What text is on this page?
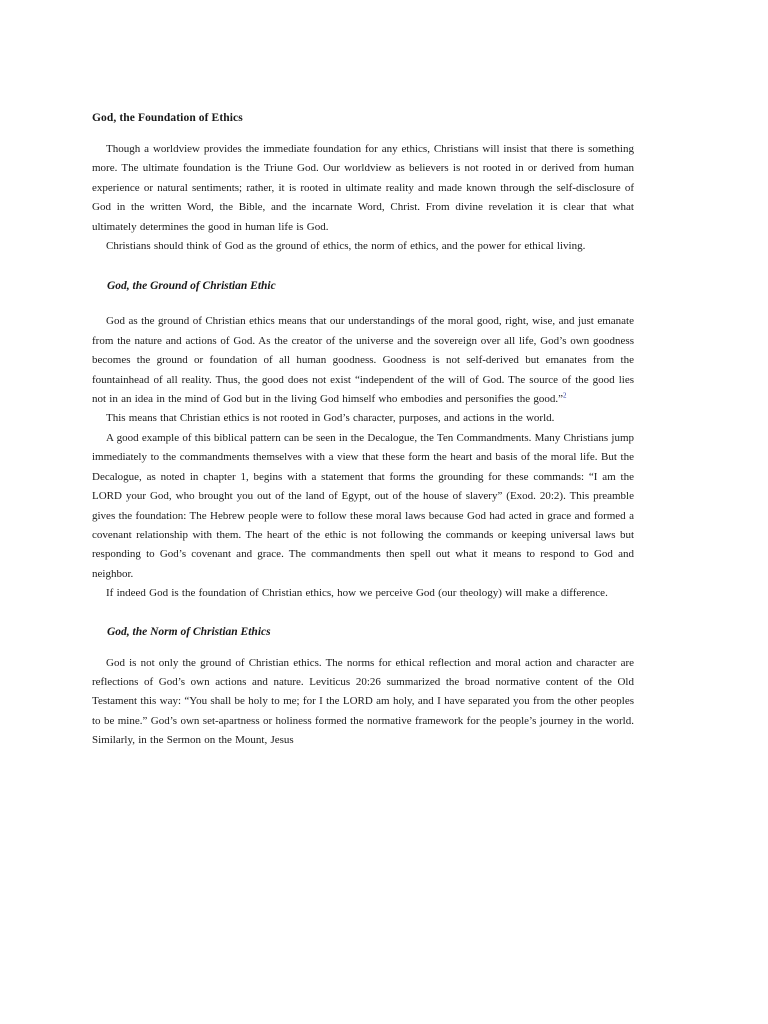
God, the Foundation of Ethics

Though a worldview provides the immediate foundation for any ethics, Christians will insist that there is something more. The ultimate foundation is the Triune God. Our worldview as believers is not rooted in or derived from human experience or natural sentiments; rather, it is rooted in ultimate reality and made known through the self-disclosure of God in the written Word, the Bible, and the incarnate Word, Christ. From divine revelation it is clear that what ultimately determines the good in human life is God.

Christians should think of God as the ground of ethics, the norm of ethics, and the power for ethical living.

God, the Ground of Christian Ethic

God as the ground of Christian ethics means that our understandings of the moral good, right, wise, and just emanate from the nature and actions of God. As the creator of the universe and the sovereign over all life, God’s own goodness becomes the ground or foundation of all human goodness. Goodness is not self-derived but emanates from the fountainhead of all reality. Thus, the good does not exist “independent of the will of God. The source of the good lies not in an idea in the mind of God but in the living God himself who embodies and personifies the good.”$^2$

This means that Christian ethics is not rooted in God’s character, purposes, and actions in the world.

A good example of this biblical pattern can be seen in the Decalogue, the Ten Commandments. Many Christians jump immediately to the commandments themselves with a view that these form the heart and basis of the moral life. But the Decalogue, as noted in chapter 1, begins with a statement that forms the grounding for these commands: “I am the LORD your God, who brought you out of the land of Egypt, out of the house of slavery” (Exod. 20:2). This preamble gives the foundation: The Hebrew people were to follow these moral laws because God had acted in grace and formed a covenant relationship with them. The heart of the ethic is not following the commands or keeping universal laws but responding to God’s covenant and grace. The commandments then spell out what it means to respond to God and neighbor.

If indeed God is the foundation of Christian ethics, how we perceive God (our theology) will make a difference.

God, the Norm of Christian Ethics

God is not only the ground of Christian ethics. The norms for ethical reflection and moral action and character are reflections of God’s own actions and nature. Leviticus 20:26 summarized the broad normative content of the Old Testament this way: “You shall be holy to me; for I the LORD am holy, and I have separated you from the other peoples to be mine.” God’s own set-apartness or holiness formed the normative framework for the people’s journey in the world. Similarly, in the Sermon on the Mount, Jesus
